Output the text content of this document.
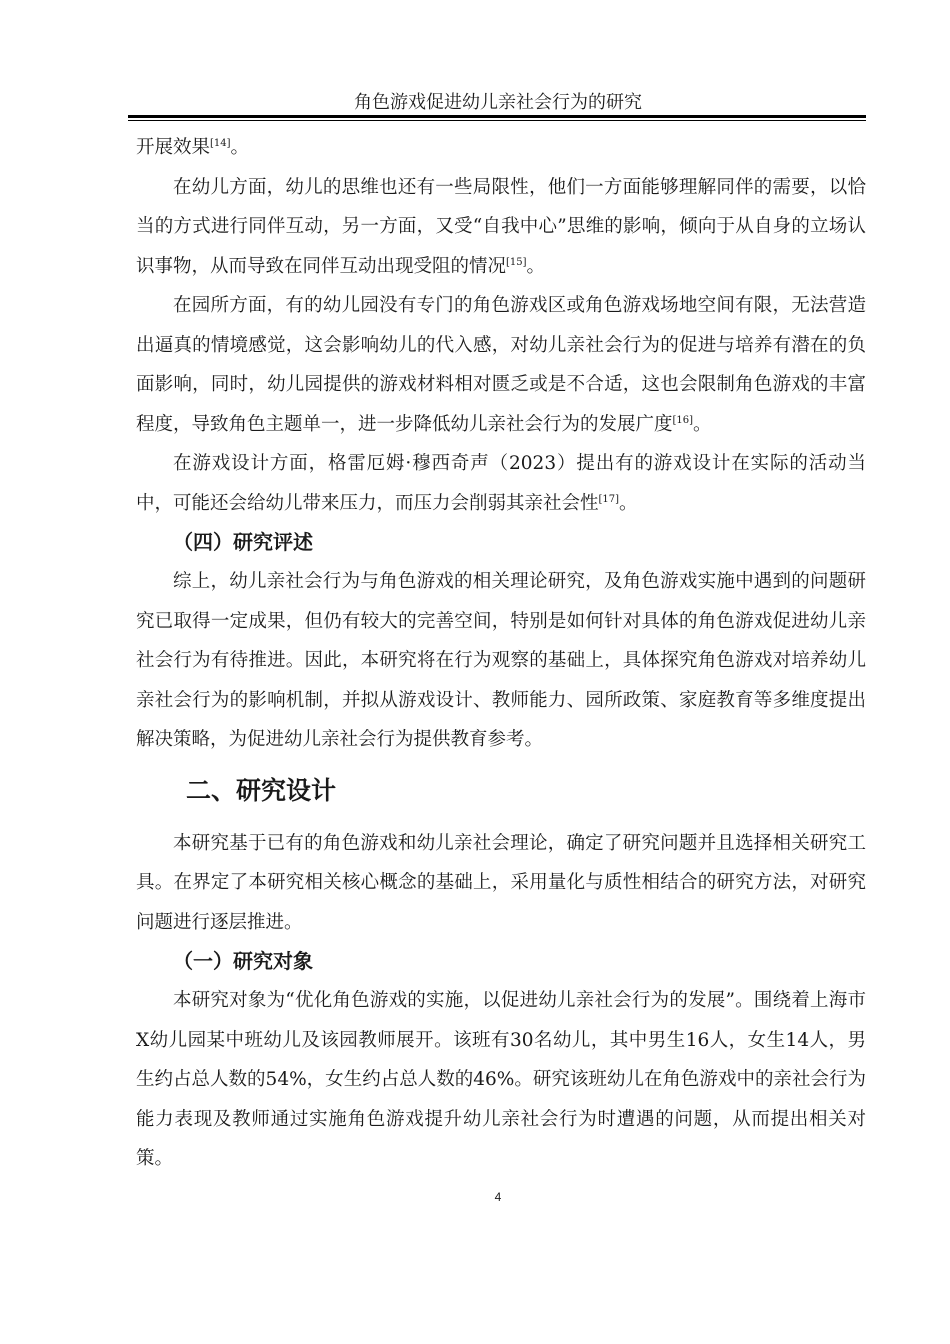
角色游戏促进幼儿亲社会行为的研究

开展效果[14]。

在幼儿方面，幼儿的思维也还有一些局限性，他们一方面能够理解同伴的需要，以恰当的方式进行同伴互动，另一方面，又受“自我中心”思维的影响，倾向于从自身的立场认识事物，从而导致在同伴互动出现受阻的情况[15]。

在园所方面，有的幼儿园没有专门的角色游戏区或角色游戏场地空间有限，无法营造出逼真的情境感觉，这会影响幼儿的代入感，对幼儿亲社会行为的促进与培养有潜在的负面影响，同时，幼儿园提供的游戏材料相对匮乏或是不合适，这也会限制角色游戏的丰富程度，导致角色主题单一，进一步降低幼儿亲社会行为的发展广度[16]。

在游戏设计方面，格雷厄姆·穆西奇声（2023）提出有的游戏设计在实际的活动当中，可能还会给幼儿带来压力，而压力会削弱其亲社会性[17]。

（四）研究评述

综上，幼儿亲社会行为与角色游戏的相关理论研究，及角色游戏实施中遇到的问题研究已取得一定成果，但仍有较大的完善空间，特别是如何针对具体的角色游戏促进幼儿亲社会行为有待推进。因此，本研究将在行为观察的基础上，具体探究角色游戏对培养幼儿亲社会行为的影响机制，并拟从游戏设计、教师能力、园所政策、家庭教育等多维度提出解决策略，为促进幼儿亲社会行为提供教育参考。

二、研究设计

本研究基于已有的角色游戏和幼儿亲社会理论，确定了研究问题并且选择相关研究工具。在界定了本研究相关核心概念的基础上，采用量化与质性相结合的研究方法，对研究问题进行逐层推进。

（一）研究对象

本研究对象为“优化角色游戏的实施，以促进幼儿亲社会行为的发展”。围绕着上海市X幼儿园某中班幼儿及该园教师展开。该班有30名幼儿，其中男生16人，女生14人，男生约占总人数的54%，女生约占总人数的46%。研究该班幼儿在角色游戏中的亲社会行为能力表现及教师通过实施角色游戏提升幼儿亲社会行为时遭遇的问题，从而提出相关对策。

4
